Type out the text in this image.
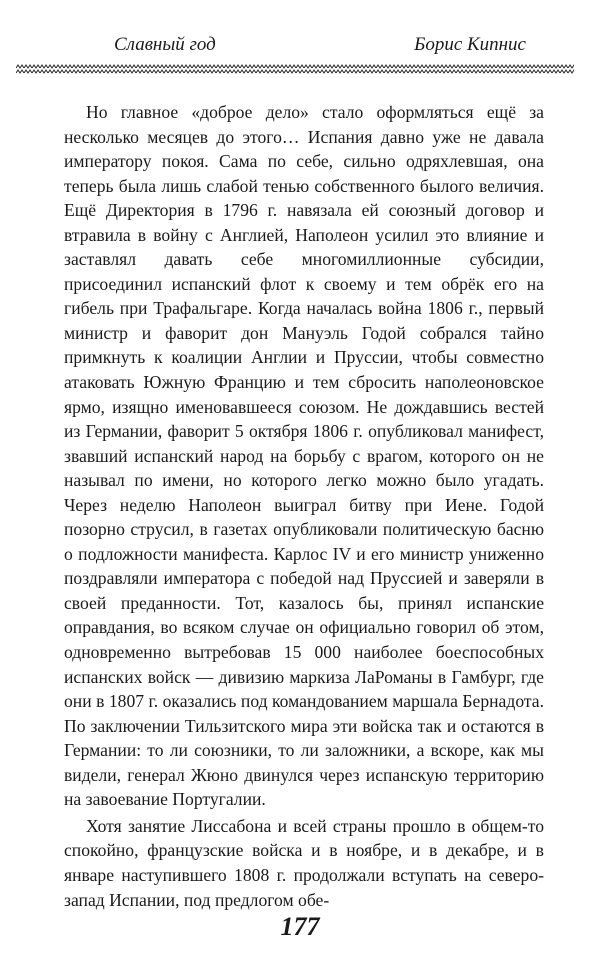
Славный год	Борис Кипнис

Но главное «доброе дело» стало оформляться ещё за несколько месяцев до этого… Испания давно уже не давала императору покоя. Сама по себе, сильно одряхлевшая, она теперь была лишь слабой тенью собственного былого величия. Ещё Директория в 1796 г. навязала ей союзный договор и втравила в войну с Англией, Наполеон усилил это влияние и заставлял давать себе многомиллионные субсидии, присоединил испанский флот к своему и тем обрёк его на гибель при Трафальгаре. Когда началась война 1806 г., первый министр и фаворит дон Мануэль Годой собрался тайно примкнуть к коалиции Англии и Пруссии, чтобы совместно атаковать Южную Францию и тем сбросить наполеоновское ярмо, изящно именовавшееся союзом. Не дождавшись вестей из Германии, фаворит 5 октября 1806 г. опубликовал манифест, звавший испанский народ на борьбу с врагом, которого он не называл по имени, но которого легко можно было угадать. Через неделю Наполеон выиграл битву при Иене. Годой позорно струсил, в газетах опубликовали политическую басню о подложности манифеста. Карлос IV и его министр униженно поздравляли императора с победой над Пруссией и заверяли в своей преданности. Тот, казалось бы, принял испанские оправдания, во всяком случае он официально говорил об этом, одновременно вытребовав 15 000 наиболее боеспособных испанских войск — дивизию маркиза ЛаРоманы в Гамбург, где они в 1807 г. оказались под командованием маршала Бернадота. По заключении Тильзитского мира эти войска так и остаются в Германии: то ли союзники, то ли заложники, а вскоре, как мы видели, генерал Жюно двинулся через испанскую территорию на завоевание Португалии.

Хотя занятие Лиссабона и всей страны прошло в общем-то спокойно, французские войска и в ноябре, и в декабре, и в январе наступившего 1808 г. продолжали вступать на северо-запад Испании, под предлогом обе-

177
